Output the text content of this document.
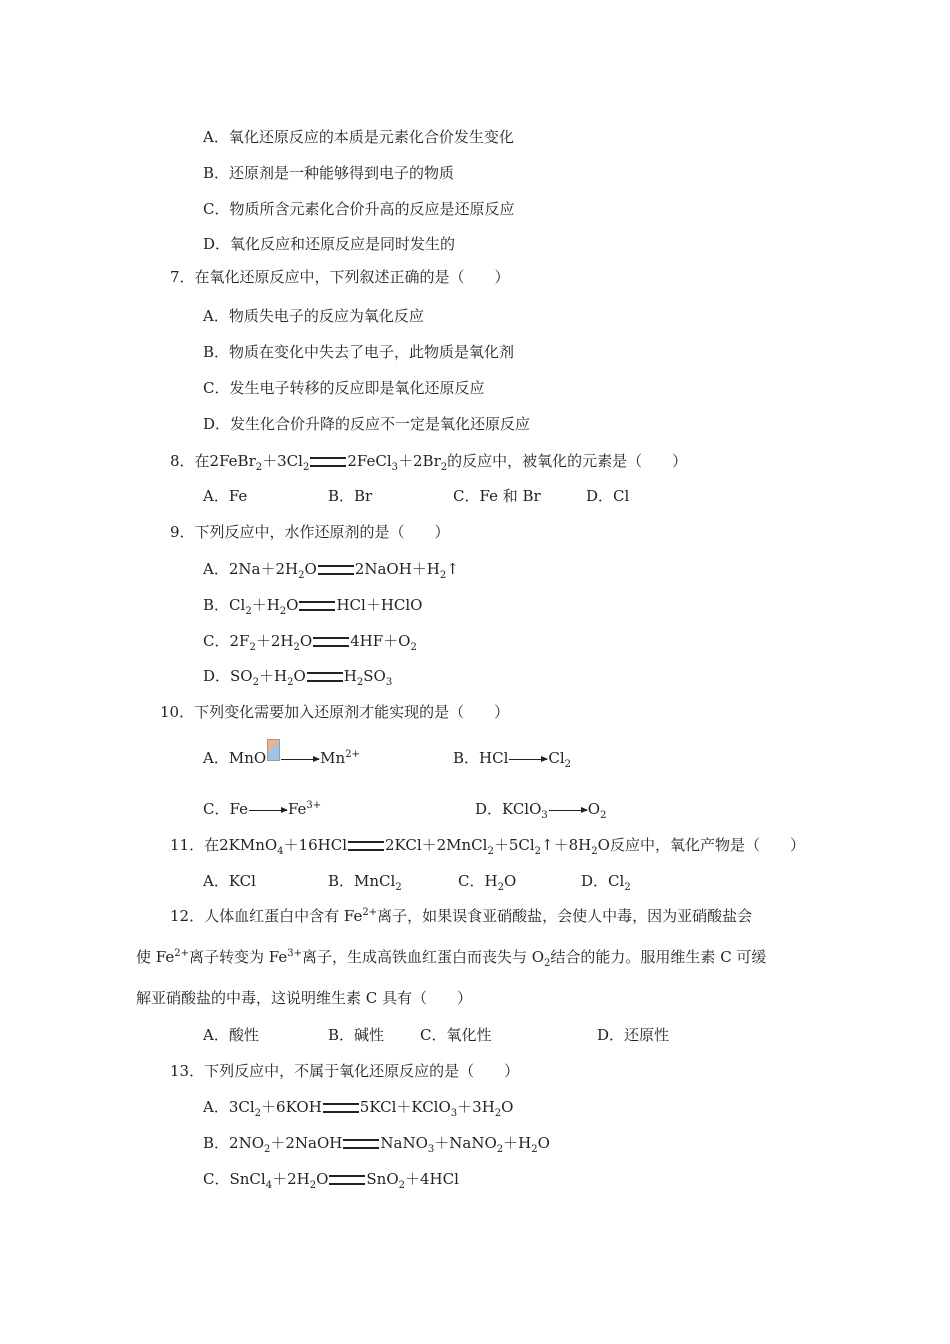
A．氧化还原反应的本质是元素化合价发生变化
B．还原剂是一种能够得到电子的物质
C．物质所含元素化合价升高的反应是还原反应
D．氧化反应和还原反应是同时发生的
7．在氧化还原反应中，下列叙述正确的是（　　）
A．物质失电子的反应为氧化反应
B．物质在变化中失去了电子，此物质是氧化剂
C．发生电子转移的反应即是氧化还原反应
D．发生化合价升降的反应不一定是氧化还原反应
8．在$2FeBr_2+3Cl_2$	$2FeCl_3+2Br_2$的反应中，被氧化的元素是（　　）
A．Fe	B．Br	C．Fe 和 Br	D．Cl
9．下列反应中，水作还原剂的是（　　）
A．$2Na+2H_2O$	$2NaOH+H_2↑$
B．$Cl_2+H_2O$	HCl＋HClO
C．$2F_2+2H_2O$	$4HF+O_2$
D．$SO_2+H_2O$	$H_2SO_3$
10．下列变化需要加入还原剂才能实现的是（　　）
A．MnO $\to Mn^{2+}$	B．$HCl\to Cl_2$
C．$Fe\to Fe^{3+}$	D．$KClO_3\to O_2$
11．在2KMnO$_4$＋16HCl	$2KCl+2MnCl_2+5Cl_2↑+8H_2O$反应中，氧化产物是（　　）
A．KCl	B．MnCl$_2$	C．$H_2O$	D．$Cl_2$
12．人体血红蛋白中含有 $Fe^{2+}$离子，如果误食亚硝酸盐，会使人中毒，因为亚硝酸盐会
使 $Fe^{2+}$离子转变为 $Fe^{3+}$离子，生成高铁血红蛋白而丧失与 $O_2$结合的能力。服用维生素 C 可缓
解亚硝酸盐的中毒，这说明维生素 C 具有（　　）
A．酸性	B．碱性 C．氧化性	D．还原性
13．下列反应中，不属于氧化还原反应的是（　　）
A．$3Cl_2+6KOH$	$5KCl+KClO_3+3H_2O$
B．$2NO_2+2NaOH$	$NaNO_3+NaNO_2+H_2O$
C．$SnCl_4+2H_2O$	SnO$_2$＋4HCl
